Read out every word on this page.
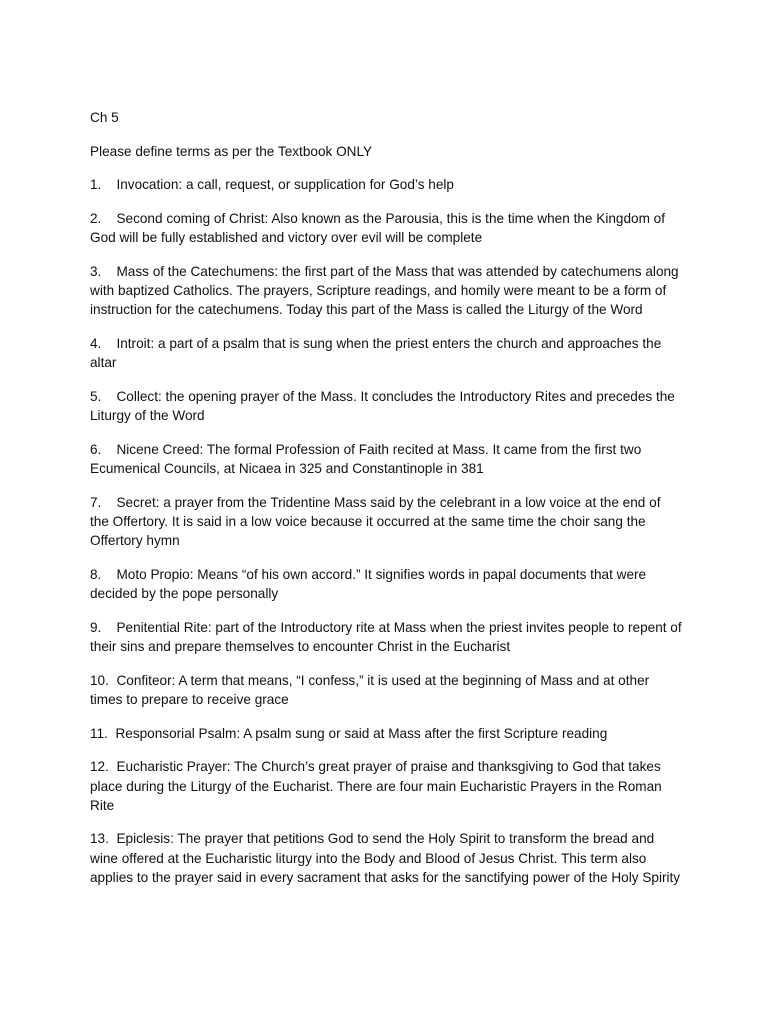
Ch 5

Please define terms as per the Textbook ONLY

1.    Invocation: a call, request, or supplication for God’s help

2.    Second coming of Christ: Also known as the Parousia, this is the time when the Kingdom of God will be fully established and victory over evil will be complete

3.    Mass of the Catechumens: the first part of the Mass that was attended by catechumens along with baptized Catholics. The prayers, Scripture readings, and homily were meant to be a form of instruction for the catechumens. Today this part of the Mass is called the Liturgy of the Word

4.    Introit: a part of a psalm that is sung when the priest enters the church and approaches the altar

5.    Collect: the opening prayer of the Mass. It concludes the Introductory Rites and precedes the Liturgy of the Word

6.    Nicene Creed: The formal Profession of Faith recited at Mass. It came from the first two Ecumenical Councils, at Nicaea in 325 and Constantinople in 381

7.    Secret: a prayer from the Tridentine Mass said by the celebrant in a low voice at the end of the Offertory. It is said in a low voice because it occurred at the same time the choir sang the Offertory hymn

8.    Moto Propio: Means “of his own accord.” It signifies words in papal documents that were decided by the pope personally

9.    Penitential Rite: part of the Introductory rite at Mass when the priest invites people to repent of their sins and prepare themselves to encounter Christ in the Eucharist

10.  Confiteor: A term that means, “I confess,” it is used at the beginning of Mass and at other times to prepare to receive grace

11.  Responsorial Psalm: A psalm sung or said at Mass after the first Scripture reading

12.  Eucharistic Prayer: The Church’s great prayer of praise and thanksgiving to God that takes place during the Liturgy of the Eucharist. There are four main Eucharistic Prayers in the Roman Rite

13.  Epiclesis: The prayer that petitions God to send the Holy Spirit to transform the bread and wine offered at the Eucharistic liturgy into the Body and Blood of Jesus Christ. This term also applies to the prayer said in every sacrament that asks for the sanctifying power of the Holy Spirity
